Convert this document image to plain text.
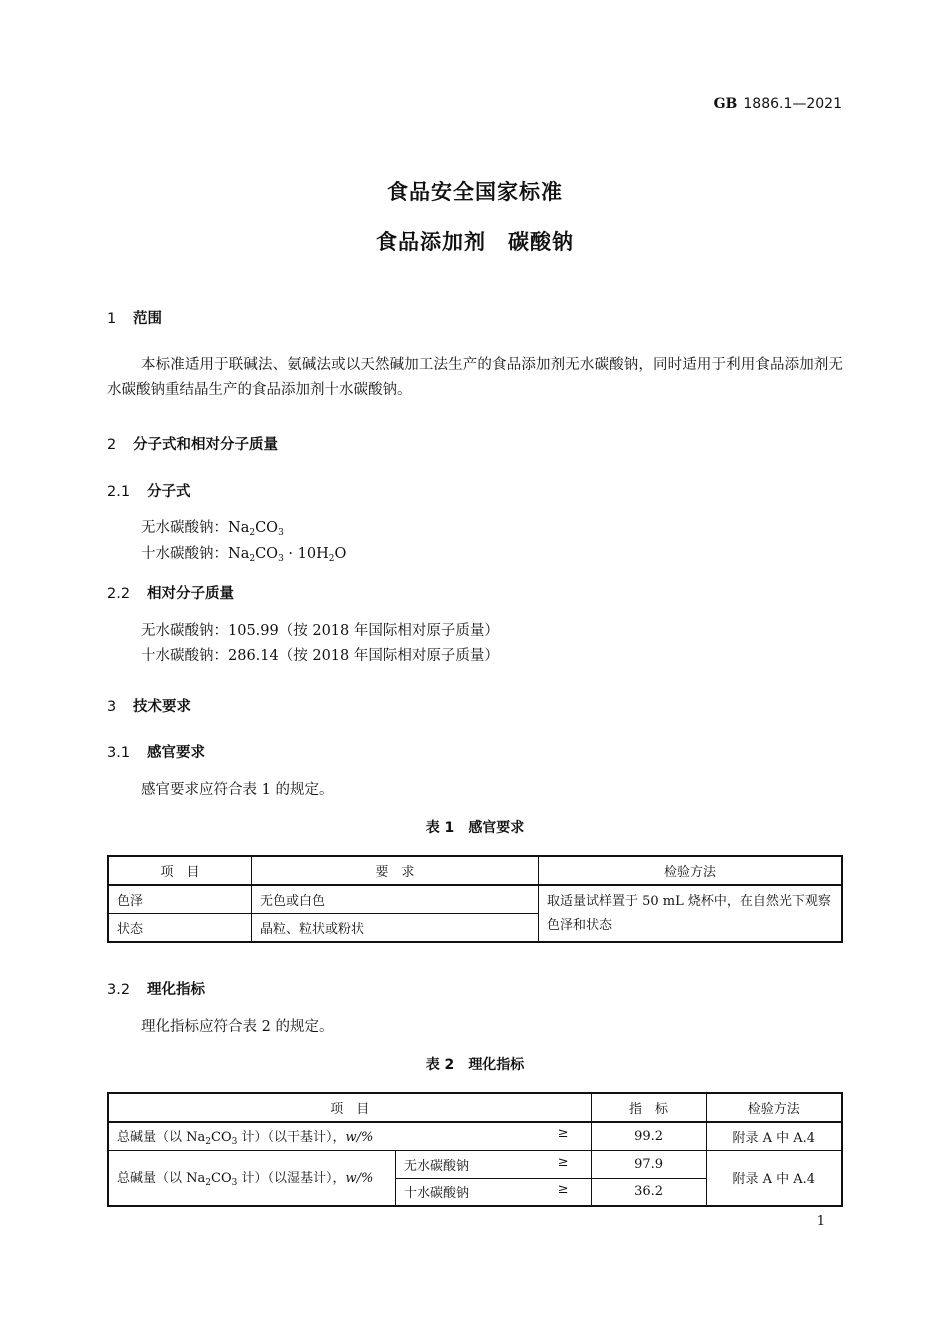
GB 1886.1—2021
食品安全国家标准
食品添加剂 碳酸钠
1 范围
本标准适用于联碱法、氨碱法或以天然碱加工法生产的食品添加剂无水碳酸钠，同时适用于利用食品添加剂无水碳酸钠重结晶生产的食品添加剂十水碳酸钠。
2 分子式和相对分子质量
2.1 分子式
无水碳酸钠：$Na_2CO_3$
十水碳酸钠：$Na_2CO_3 \cdot 10H_2O$
2.2 相对分子质量
无水碳酸钠：105.99（按 2018 年国际相对原子质量）
十水碳酸钠：286.14（按 2018 年国际相对原子质量）
3 技术要求
3.1 感官要求
感官要求应符合表 1 的规定。
表 1 感官要求
项　目	要　求	检验方法
色泽	无色或白色	取适量试样置于 50 mL 烧杯中，在自然光下观察色泽和状态
状态	晶粒、粒状或粉状	
3.2 理化指标
理化指标应符合表 2 的规定。
表 2 理化指标
项　目		指　标	检验方法
总碱量（以 $Na_2CO_3$ 计）（以干基计），w/% ≥		99.2	附录 A 中 A.4
总碱量（以 $Na_2CO_3$ 计）（以湿基计），w/%	无水碳酸钠 ≥	97.9	附录 A 中 A.4
	十水碳酸钠 ≥	36.2	
1
